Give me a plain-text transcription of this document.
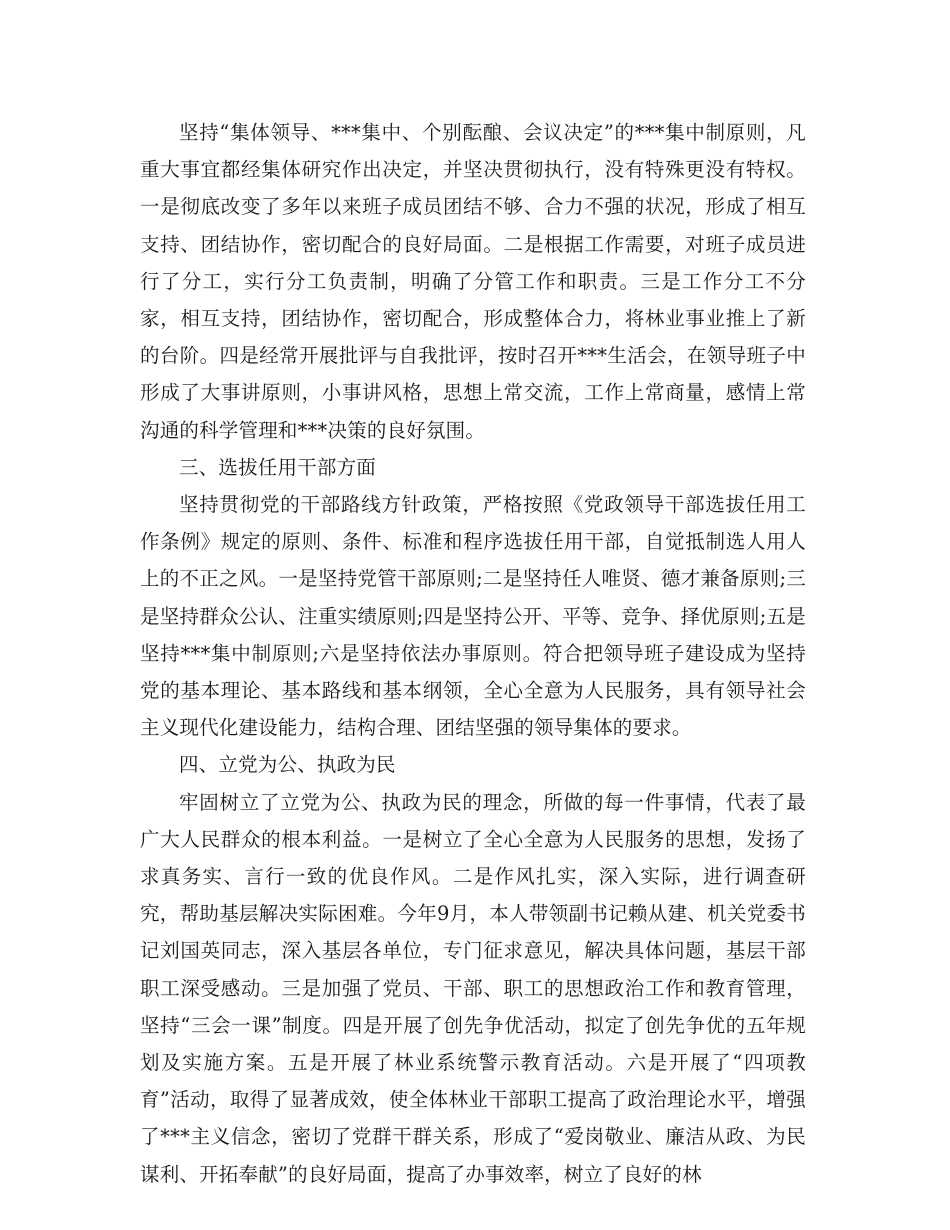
坚持“集体领导、***集中、个别酝酿、会议决定”的***集中制原则，凡重大事宜都经集体研究作出决定，并坚决贯彻执行，没有特殊更没有特权。一是彻底改变了多年以来班子成员团结不够、合力不强的状况，形成了相互支持、团结协作，密切配合的良好局面。二是根据工作需要，对班子成员进行了分工，实行分工负责制，明确了分管工作和职责。三是工作分工不分家，相互支持，团结协作，密切配合，形成整体合力，将林业事业推上了新的台阶。四是经常开展批评与自我批评，按时召开***生活会，在领导班子中形成了大事讲原则，小事讲风格，思想上常交流，工作上常商量，感情上常沟通的科学管理和***决策的良好氛围。

三、选拔任用干部方面

坚持贯彻党的干部路线方针政策，严格按照《党政领导干部选拔任用工作条例》规定的原则、条件、标准和程序选拔任用干部，自觉抵制选人用人上的不正之风。一是坚持党管干部原则;二是坚持任人唯贤、德才兼备原则;三是坚持群众公认、注重实绩原则;四是坚持公开、平等、竞争、择优原则;五是坚持***集中制原则;六是坚持依法办事原则。符合把领导班子建设成为坚持党的基本理论、基本路线和基本纲领，全心全意为人民服务，具有领导社会主义现代化建设能力，结构合理、团结坚强的领导集体的要求。

四、立党为公、执政为民

牢固树立了立党为公、执政为民的理念，所做的每一件事情，代表了最广大人民群众的根本利益。一是树立了全心全意为人民服务的思想，发扬了求真务实、言行一致的优良作风。二是作风扎实，深入实际，进行调查研究，帮助基层解决实际困难。今年9月，本人带领副书记赖从建、机关党委书记刘国英同志，深入基层各单位，专门征求意见，解决具体问题，基层干部职工深受感动。三是加强了党员、干部、职工的思想政治工作和教育管理，坚持“三会一课”制度。四是开展了创先争优活动，拟定了创先争优的五年规划及实施方案。五是开展了林业系统警示教育活动。六是开展了“四项教育”活动，取得了显著成效，使全体林业干部职工提高了政治理论水平，增强了***主义信念，密切了党群干群关系，形成了“爱岗敬业、廉洁从政、为民谋利、开拓奉献”的良好局面，提高了办事效率，树立了良好的林
